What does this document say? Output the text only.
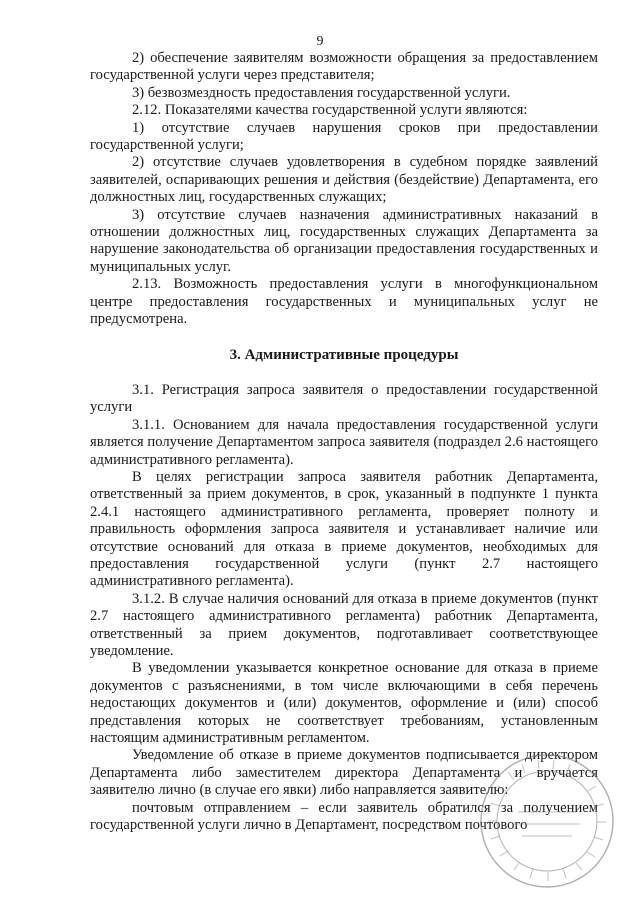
9

2) обеспечение заявителям возможности обращения за предоставлением государственной услуги через представителя;

3) безвозмездность предоставления государственной услуги.

2.12. Показателями качества государственной услуги являются:

1) отсутствие случаев нарушения сроков при предоставлении государственной услуги;

2) отсутствие случаев удовлетворения в судебном порядке заявлений заявителей, оспаривающих решения и действия (бездействие) Департамента, его должностных лиц, государственных служащих;

3) отсутствие случаев назначения административных наказаний в отношении должностных лиц, государственных служащих Департамента за нарушение законодательства об организации предоставления государственных и муниципальных услуг.

2.13. Возможность предоставления услуги в многофункциональном центре предоставления государственных и муниципальных услуг не предусмотрена.

3. Административные процедуры

3.1. Регистрация запроса заявителя о предоставлении государственной услуги

3.1.1. Основанием для начала предоставления государственной услуги является получение Департаментом запроса заявителя (подраздел 2.6 настоящего административного регламента).

В целях регистрации запроса заявителя работник Департамента, ответственный за прием документов, в срок, указанный в подпункте 1 пункта 2.4.1 настоящего административного регламента, проверяет полноту и правильность оформления запроса заявителя и устанавливает наличие или отсутствие оснований для отказа в приеме документов, необходимых для предоставления государственной услуги (пункт 2.7 настоящего административного регламента).

3.1.2. В случае наличия оснований для отказа в приеме документов (пункт 2.7 настоящего административного регламента) работник Департамента, ответственный за прием документов, подготавливает соответствующее уведомление.

В уведомлении указывается конкретное основание для отказа в приеме документов с разъяснениями, в том числе включающими в себя перечень недостающих документов и (или) документов, оформление и (или) способ представления которых не соответствует требованиям, установленным настоящим административным регламентом.

Уведомление об отказе в приеме документов подписывается директором Департамента либо заместителем директора Департамента и вручается заявителю лично (в случае его явки) либо направляется заявителю:

почтовым отправлением – если заявитель обратился за получением государственной услуги лично в Департамент, посредством почтового
